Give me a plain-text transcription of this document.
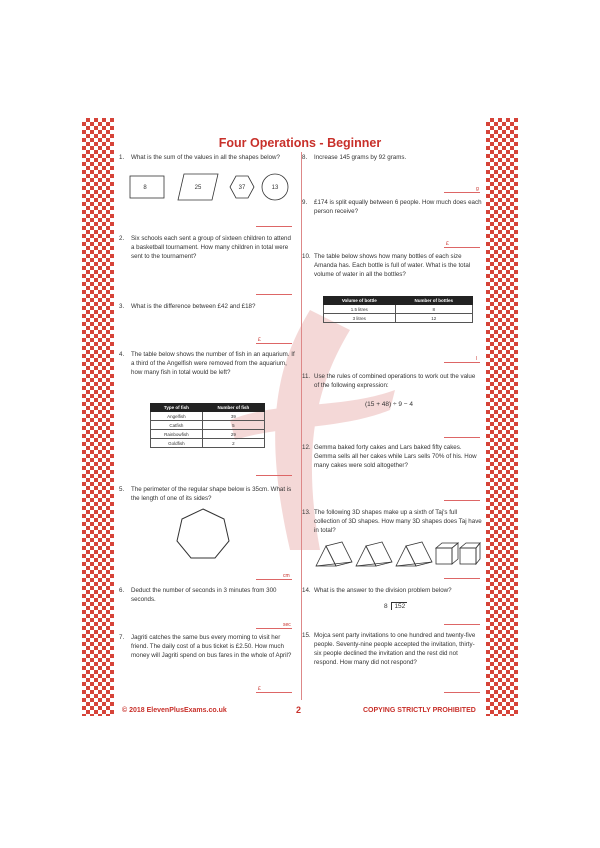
Four Operations - Beginner
1. What is the sum of the values in all the shapes below?
8	25	37	13
2. Six schools each sent a group of sixteen children to attend a basketball tournament. How many children in total were sent to the tournament?
3. What is the difference between £42 and £18?
£
4. The table below shows the number of fish in an aquarium. If a third of the Angelfish were removed from the aquarium, how many fish in total would be left?
Type of fish	Number of fish
Angelfish	39
Catfish	5
Rainbowfish	29
Goldfish	2
5. The perimeter of the regular shape below is 35cm. What is the length of one of its sides?
cm
6. Deduct the number of seconds in 3 minutes from 300 seconds.
sec
7. Jagriti catches the same bus every morning to visit her friend. The daily cost of a bus ticket is £2.50. How much money will Jagriti spend on bus fares in the whole of April?
£
8. Increase 145 grams by 92 grams.
g
9. £174 is split equally between 6 people. How much does each person receive?
£
10. The table below shows how many bottles of each size Amanda has. Each bottle is full of water. What is the total volume of water in all the bottles?
Volume of bottle	Number of bottles
1.5 litres	8
3 litres	12
l
11. Use the rules of combined operations to work out the value of the following expression:
(15 + 48) ÷ 9 − 4
12. Gemma baked forty cakes and Lars baked fifty cakes. Gemma sells all her cakes while Lars sells 70% of his. How many cakes were sold altogether?
13. The following 3D shapes make up a sixth of Taj's full collection of 3D shapes. How many 3D shapes does Taj have in total?
14. What is the answer to the division problem below?
8 152
15. Mojca sent party invitations to one hundred and twenty-five people. Seventy-nine people accepted the invitation, thirty-six people declined the invitation and the rest did not respond. How many did not respond?
© 2018 ElevenPlusExams.co.uk	2	COPYING STRICTLY PROHIBITED
